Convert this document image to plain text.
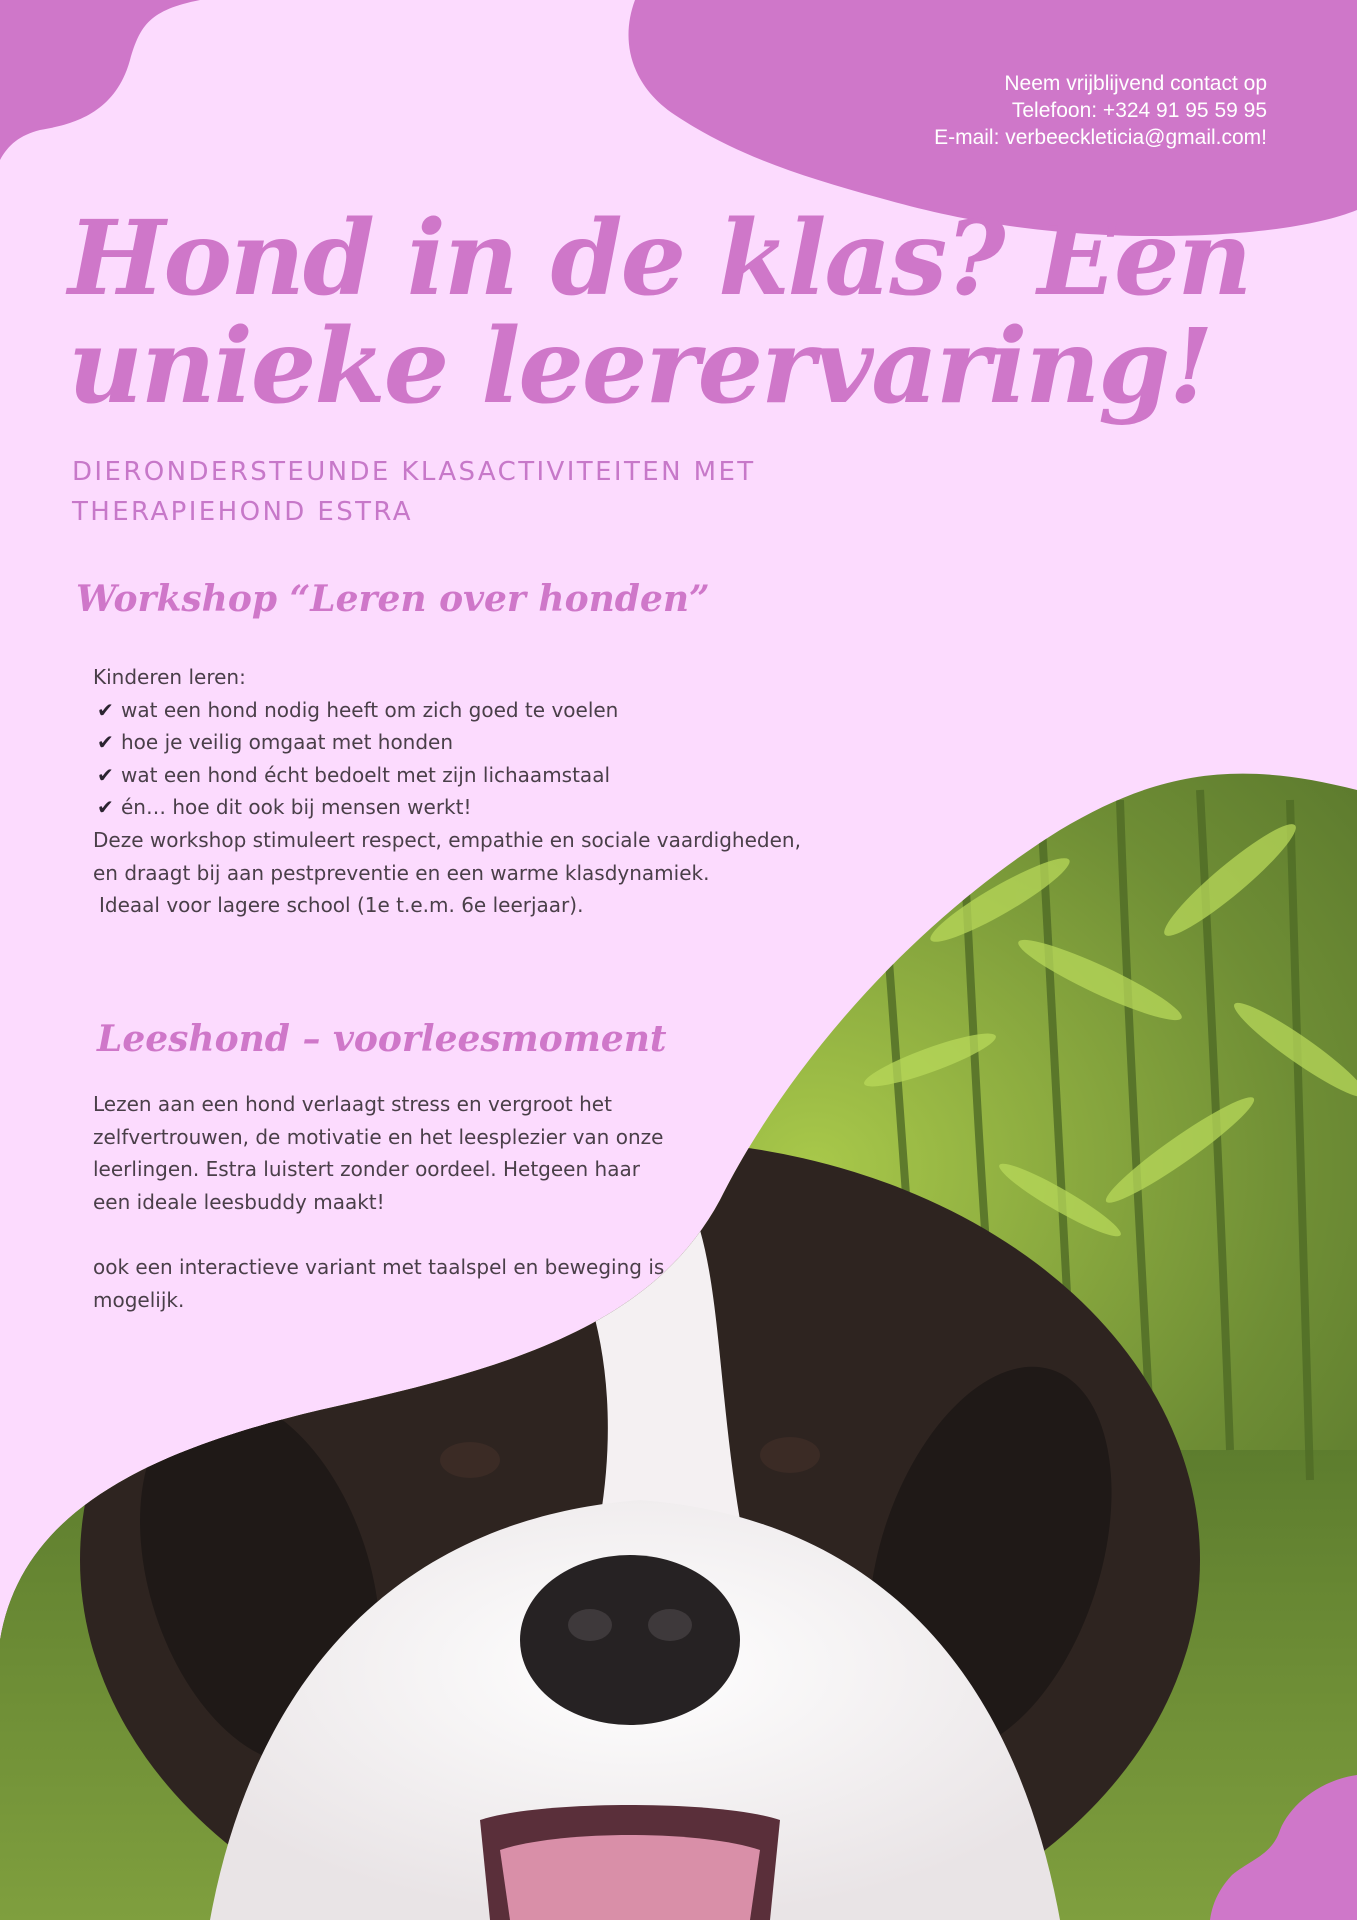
Neem vrijblijvend contact op
Telefoon: +324 91 95 59 95
E-mail: verbeeckleticia@gmail.com!
Hond in de klas? Een
unieke leerervaring!
DIERONDERSTEUNDE KLASACTIVITEITEN MET
THERAPIEHOND ESTRA
Workshop “Leren over honden”
Kinderen leren:
✔ wat een hond nodig heeft om zich goed te voelen
✔ hoe je veilig omgaat met honden
✔ wat een hond écht bedoelt met zijn lichaamstaal
✔ én… hoe dit ook bij mensen werkt!
Deze workshop stimuleert respect, empathie en sociale vaardigheden,
en draagt bij aan pestpreventie en een warme klasdynamiek.
Ideaal voor lagere school (1e t.e.m. 6e leerjaar).
Leeshond – voorleesmoment
Lezen aan een hond verlaagt stress en vergroot het
zelfvertrouwen, de motivatie en het leesplezier van onze
leerlingen. Estra luistert zonder oordeel. Hetgeen haar
een ideale leesbuddy maakt!
ook een interactieve variant met taalspel en beweging is
mogelijk.
